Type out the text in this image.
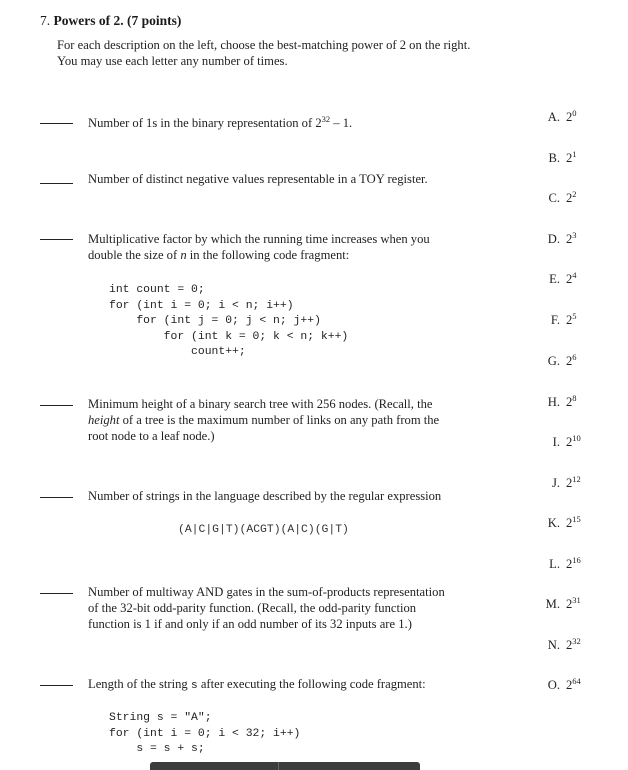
7. Powers of 2. (7 points)
For each description on the left, choose the best-matching power of 2 on the right.
You may use each letter any number of times.
Number of 1s in the binary representation of $2^{32} - 1$.
Number of distinct negative values representable in a TOY register.
Multiplicative factor by which the running time increases when you
double the size of n in the following code fragment:
int count = 0;
for (int i = 0; i < n; i++)
for (int j = 0; j < n; j++)
for (int k = 0; k < n; k++)
count++;
Minimum height of a binary search tree with 256 nodes. (Recall, the
height of a tree is the maximum number of links on any path from the
root node to a leaf node.)
Number of strings in the language described by the regular expression
(A|C|G|T)(ACGT)(A|C)(G|T)
Number of multiway AND gates in the sum-of-products representation
of the 32-bit odd-parity function. (Recall, the odd-parity function
function is 1 if and only if an odd number of its 32 inputs are 1.)
Length of the string s after executing the following code fragment:
String s = "A";
for (int i = 0; i < 32; i++)
s = s + s;
A. $2^0$
B. $2^1$
C. $2^2$
D. $2^3$
E. $2^4$
F. $2^5$
G. $2^6$
H. $2^8$
I. $2^{10}$
J. $2^{12}$
K. $2^{15}$
L. $2^{16}$
M. $2^{31}$
N. $2^{32}$
O. $2^{64}$
